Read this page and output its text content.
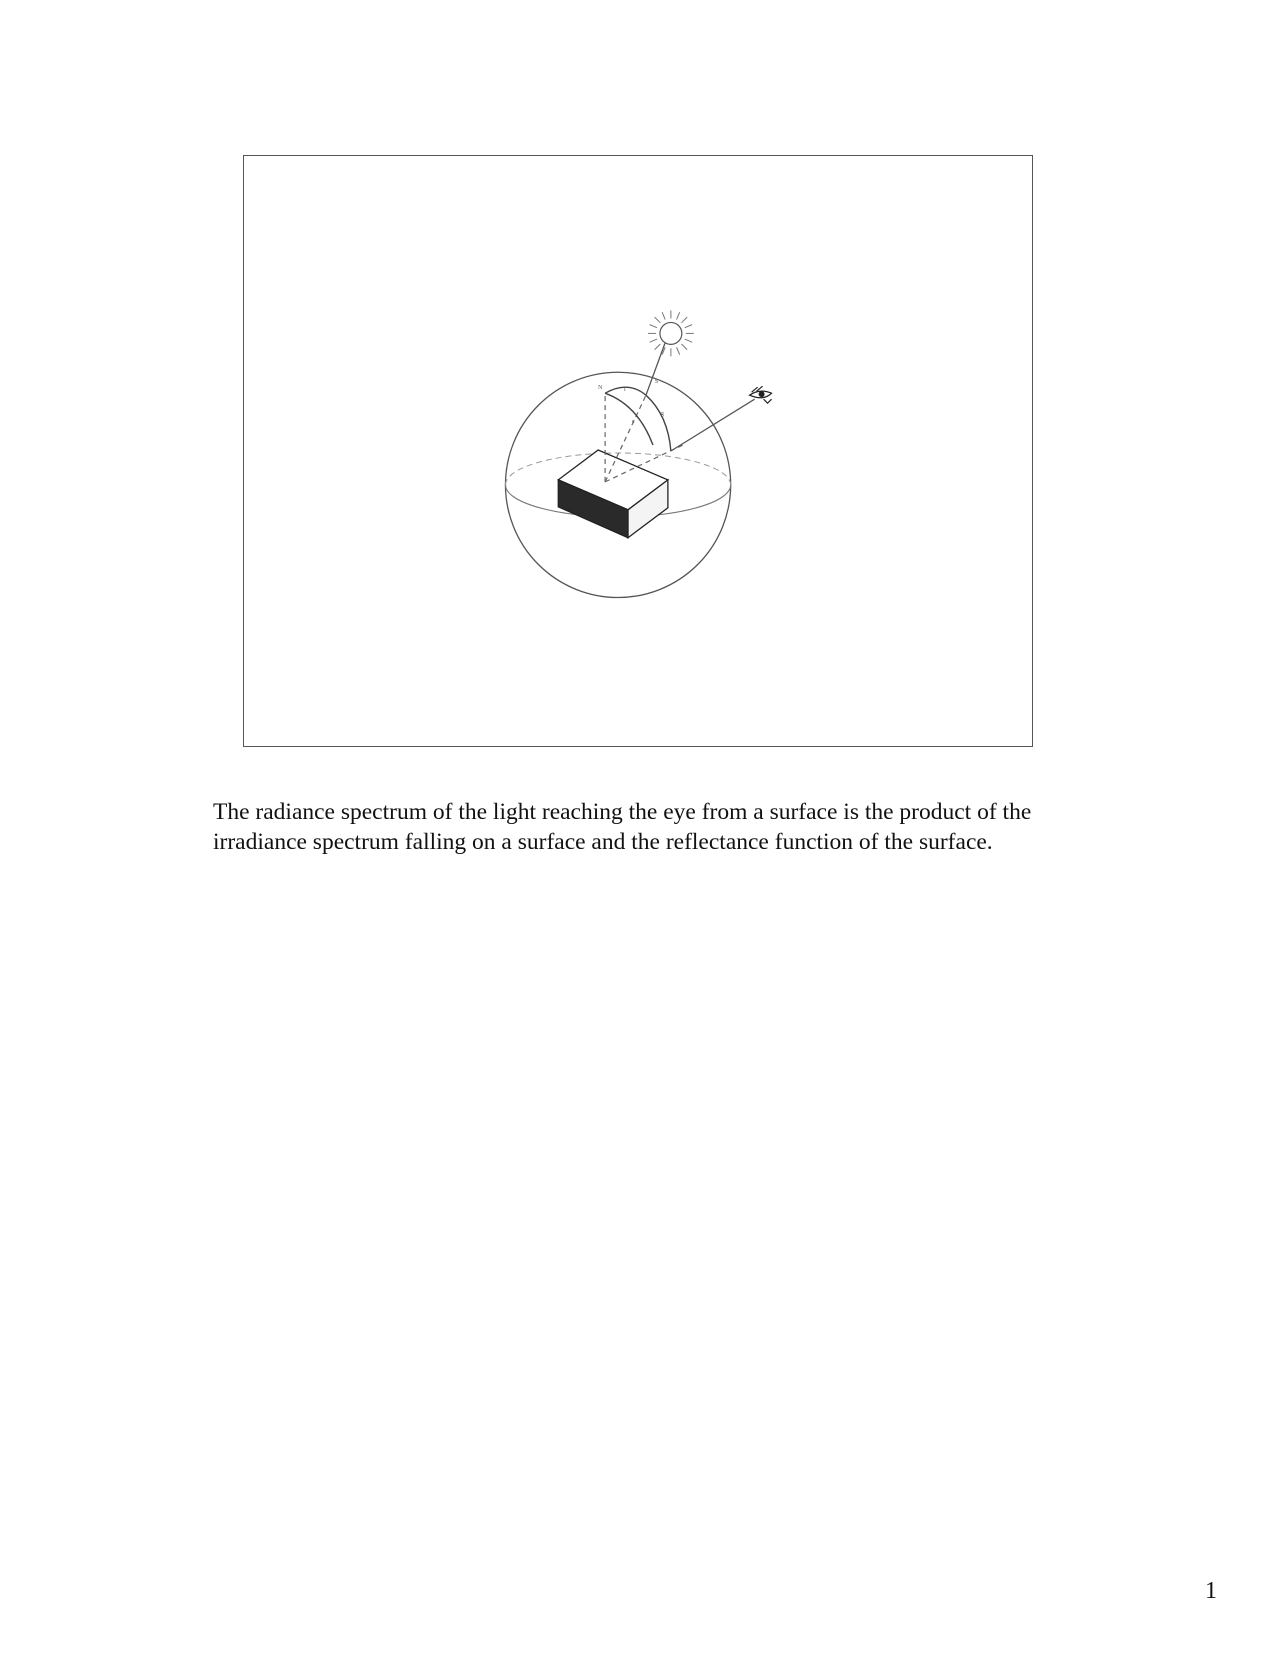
N
S
i
e
g

The radiance spectrum of the light reaching the eye from a surface is the product of the irradiance spectrum falling on a surface and the reflectance function of the surface.

1
